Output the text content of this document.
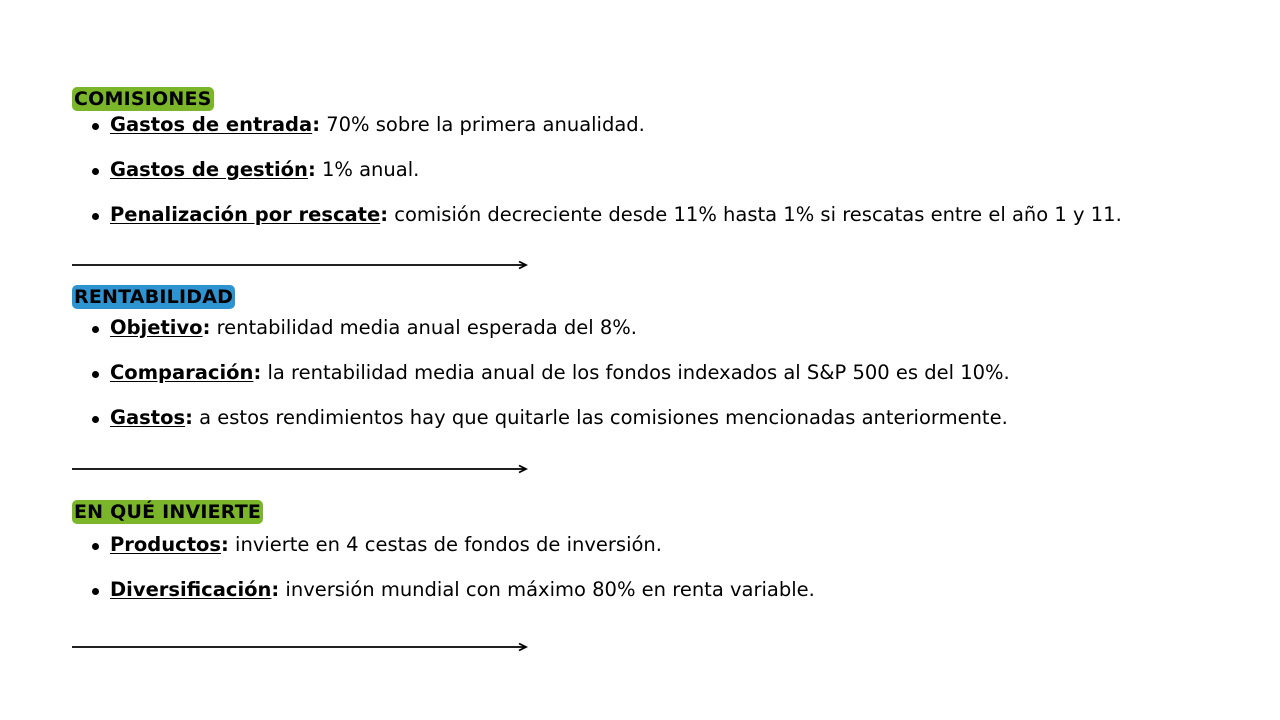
COMISIONES
Gastos de entrada: 70% sobre la primera anualidad.
Gastos de gestión: 1% anual.
Penalización por rescate: comisión decreciente desde 11% hasta 1% si rescatas entre el año 1 y 11.
RENTABILIDAD
Objetivo: rentabilidad media anual esperada del 8%.
Comparación: la rentabilidad media anual de los fondos indexados al S&P 500 es del 10%.
Gastos: a estos rendimientos hay que quitarle las comisiones mencionadas anteriormente.
EN QUÉ INVIERTE
Productos: invierte en 4 cestas de fondos de inversión.
Diversificación: inversión mundial con máximo 80% en renta variable.
